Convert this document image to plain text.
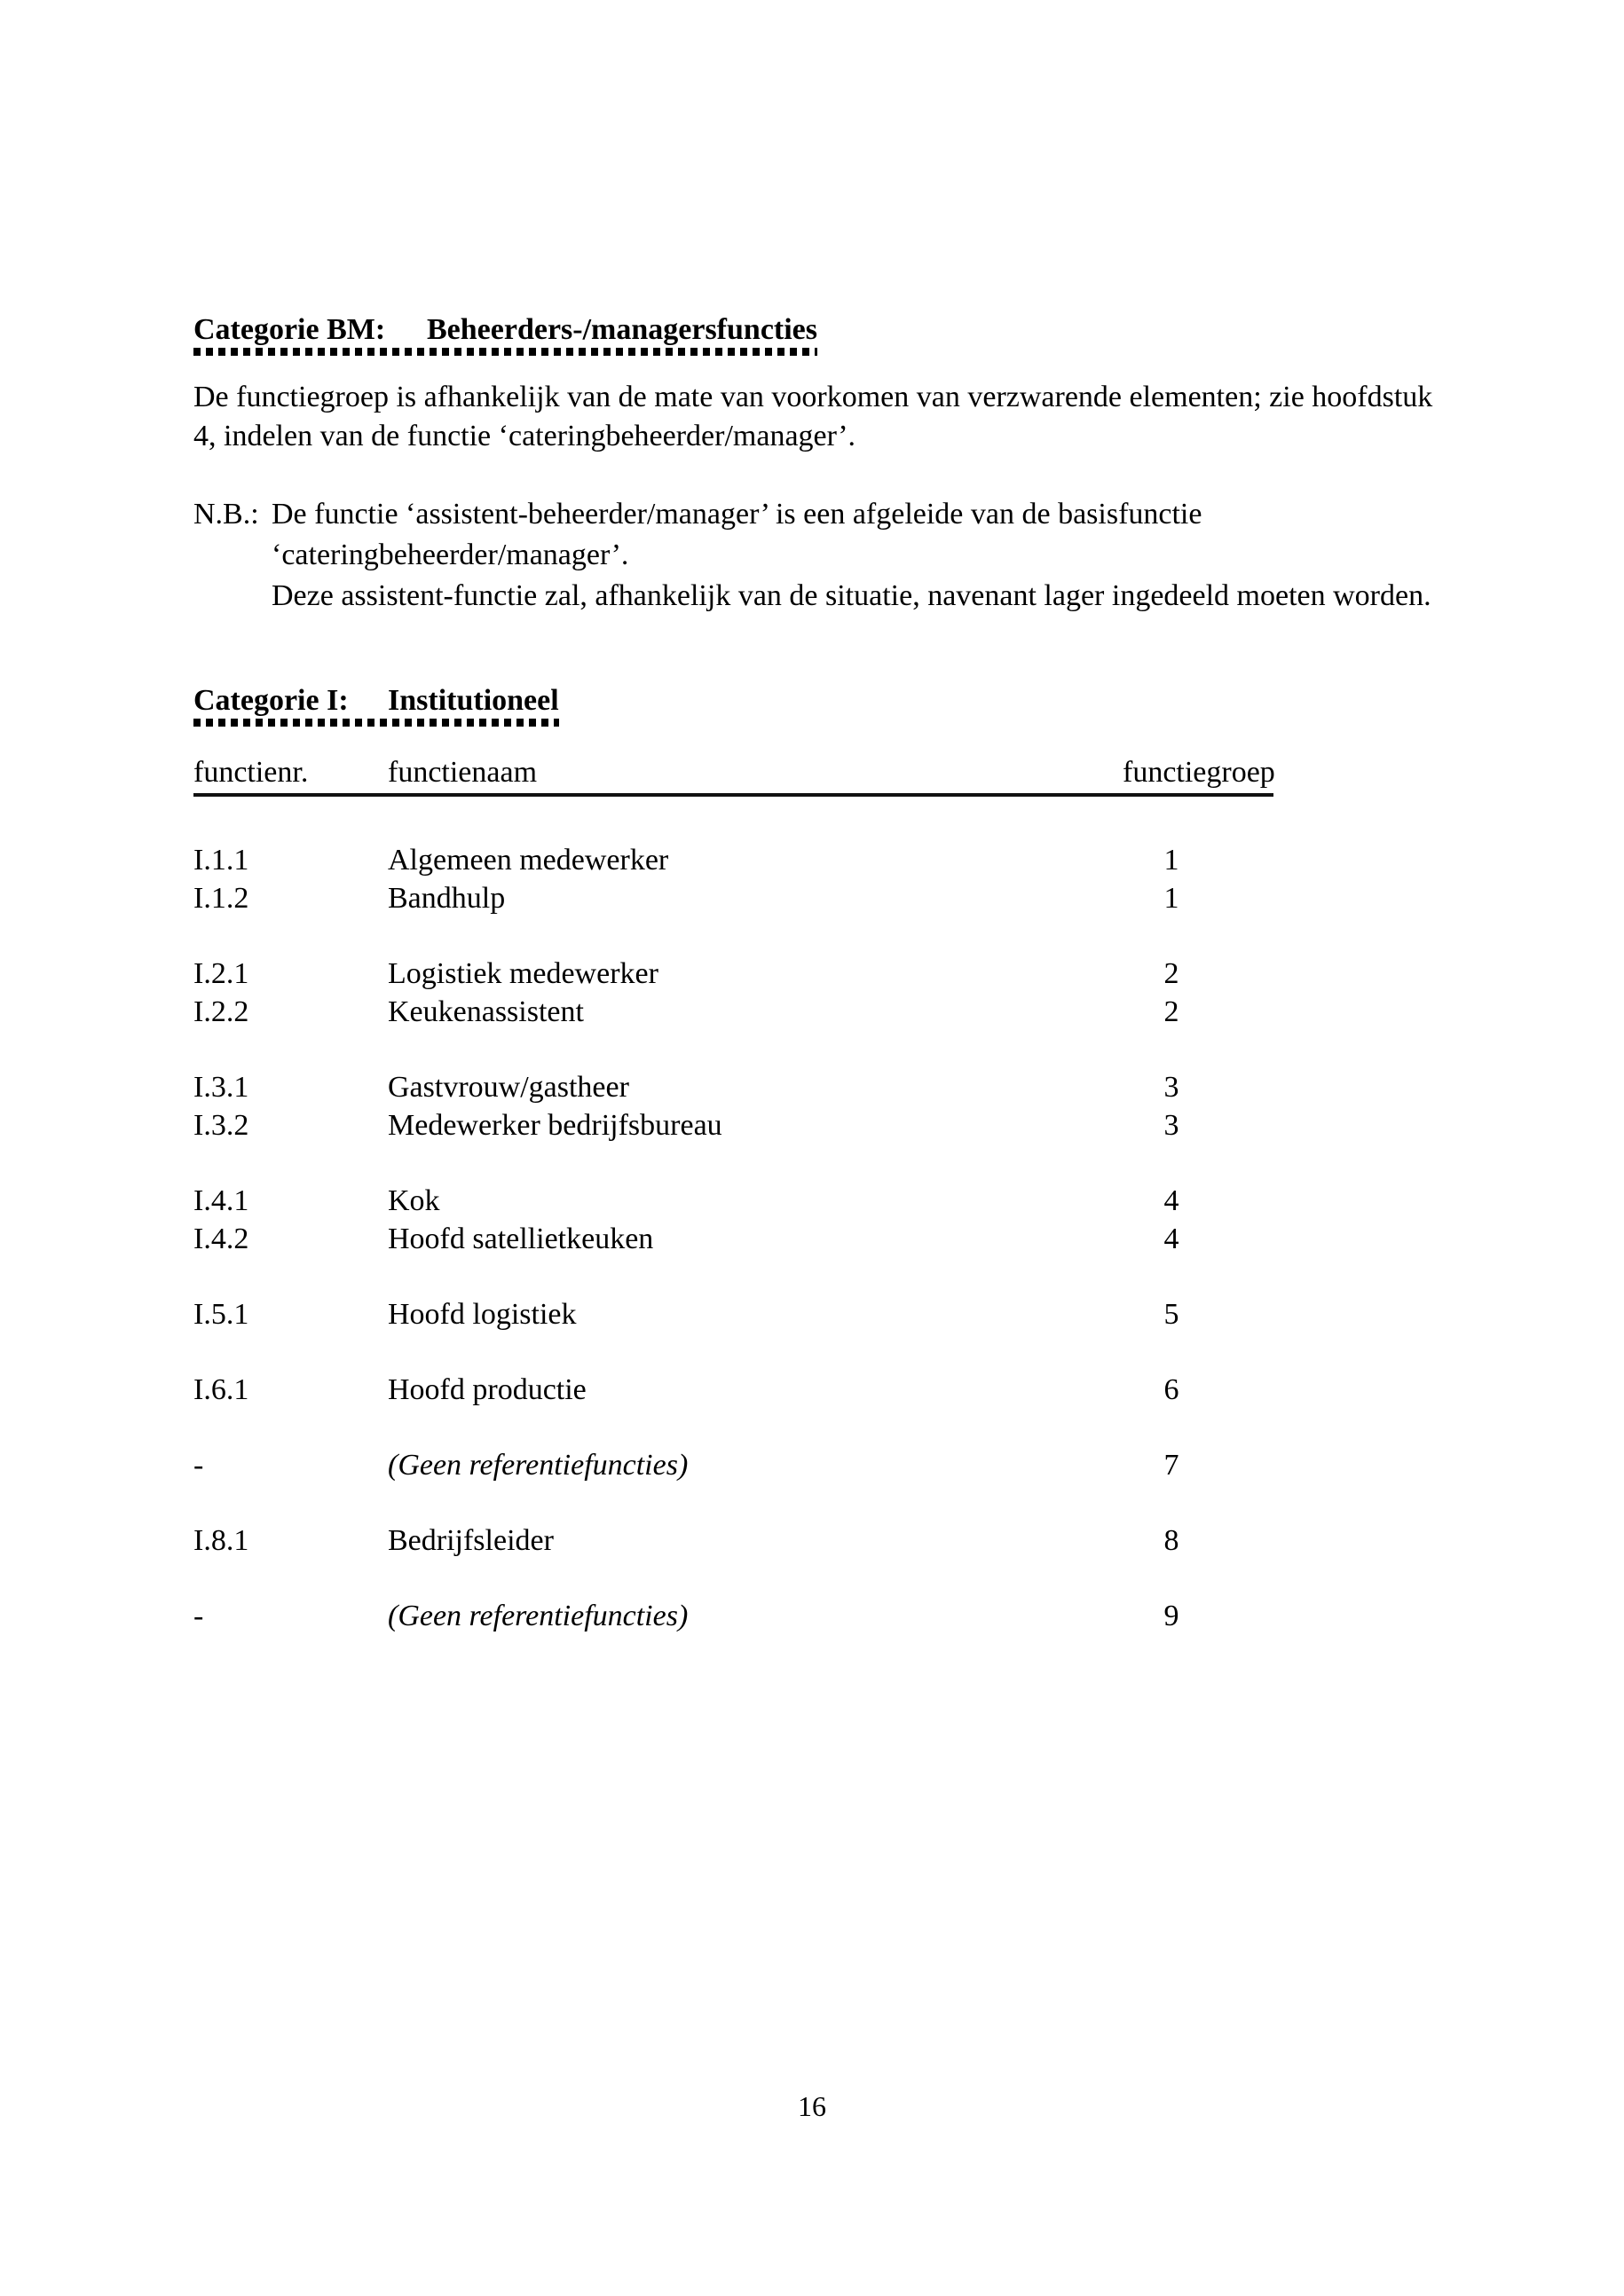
Categorie BM: Beheerders-/managersfuncties
De functiegroep is afhankelijk van de mate van voorkomen van verzwarende elementen; zie hoofdstuk
4, indelen van de functie ‘cateringbeheerder/manager’.
N.B.: De functie ‘assistent-beheerder/manager’ is een afgeleide van de basisfunctie
‘cateringbeheerder/manager’.
Deze assistent-functie zal, afhankelijk van de situatie, navenant lager ingedeeld moeten worden.
Categorie I: Institutioneel
functienr.	functienaam	functiegroep
I.1.1	Algemeen medewerker	1
I.1.2	Bandhulp	1
I.2.1	Logistiek medewerker	2
I.2.2	Keukenassistent	2
I.3.1	Gastvrouw/gastheer	3
I.3.2	Medewerker bedrijfsbureau	3
I.4.1	Kok	4
I.4.2	Hoofd satellietkeuken	4
I.5.1	Hoofd logistiek	5
I.6.1	Hoofd productie	6
-	(Geen referentiefuncties)	7
I.8.1	Bedrijfsleider	8
-	(Geen referentiefuncties)	9
16
